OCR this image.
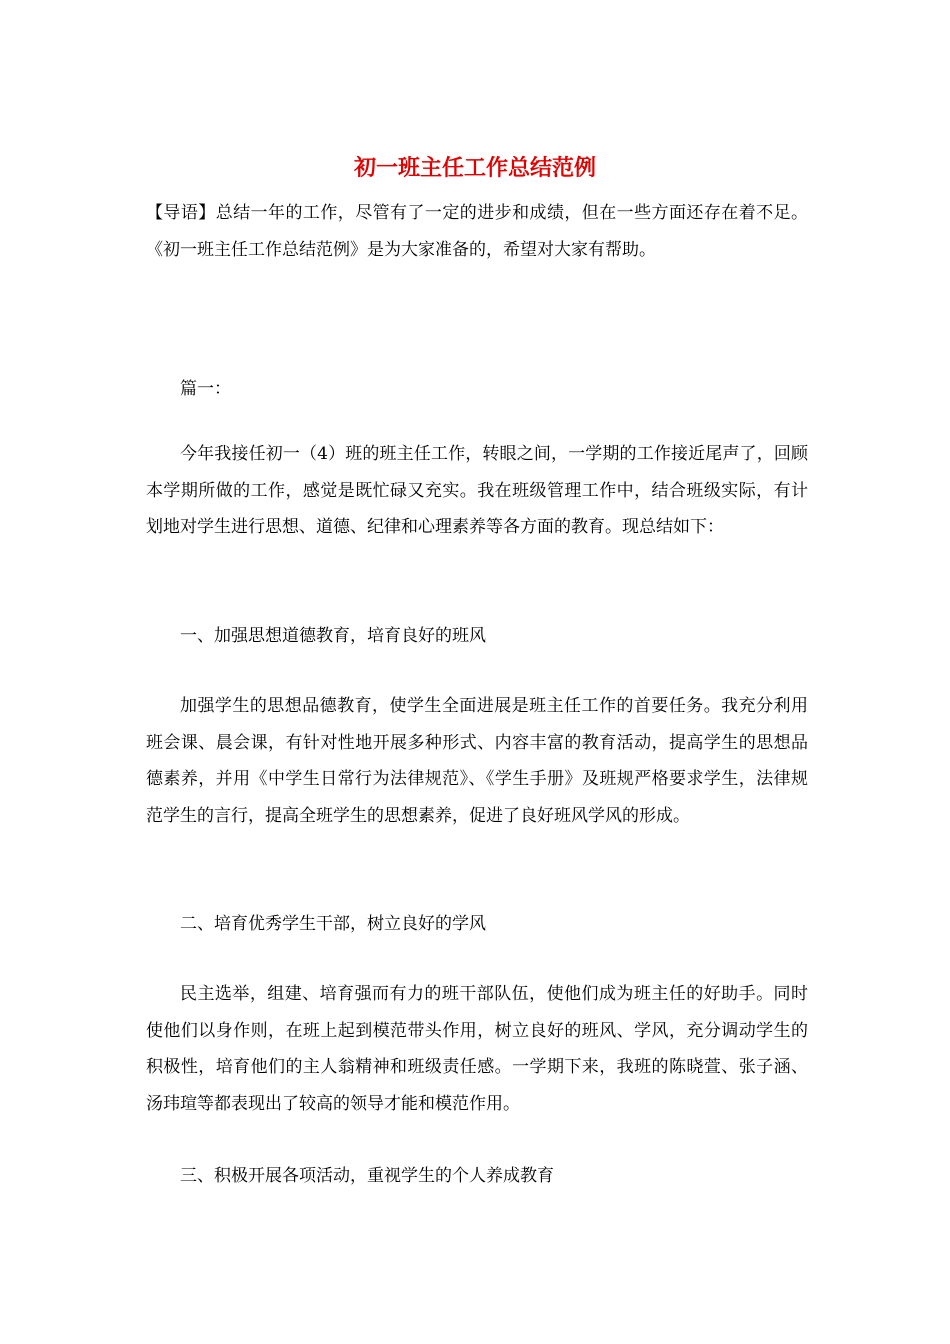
初一班主任工作总结范例

【导语】总结一年的工作，尽管有了一定的进步和成绩，但在一些方面还存在着不足。《初一班主任工作总结范例》是为大家准备的，希望对大家有帮助。

篇一：

今年我接任初一（4）班的班主任工作，转眼之间，一学期的工作接近尾声了，回顾本学期所做的工作，感觉是既忙碌又充实。我在班级管理工作中，结合班级实际，有计划地对学生进行思想、道德、纪律和心理素养等各方面的教育。现总结如下：

一、加强思想道德教育，培育良好的班风

加强学生的思想品德教育，使学生全面进展是班主任工作的首要任务。我充分利用班会课、晨会课，有针对性地开展多种形式、内容丰富的教育活动，提高学生的思想品德素养，并用《中学生日常行为法律规范》、《学生手册》及班规严格要求学生，法律规范学生的言行，提高全班学生的思想素养，促进了良好班风学风的形成。

二、培育优秀学生干部，树立良好的学风

民主选举，组建、培育强而有力的班干部队伍，使他们成为班主任的好助手。同时使他们以身作则，在班上起到模范带头作用，树立良好的班风、学风，充分调动学生的积极性，培育他们的主人翁精神和班级责任感。一学期下来，我班的陈晓萱、张子涵、汤玮瑄等都表现出了较高的领导才能和模范作用。

三、积极开展各项活动，重视学生的个人养成教育
